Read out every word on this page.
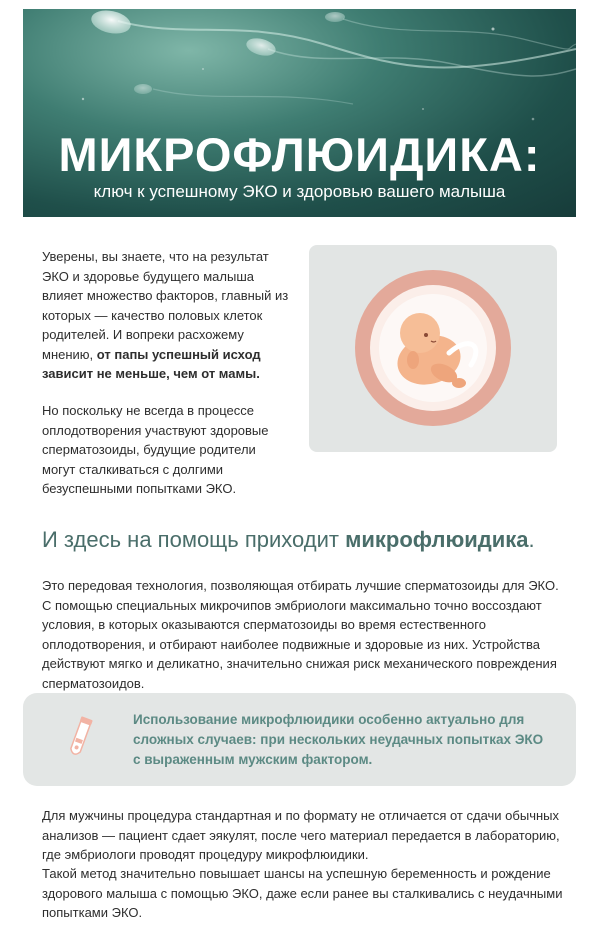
МИКРОФЛЮИДИКА:
ключ к успешному ЭКО и здоровью вашего малыша
Уверены, вы знаете, что на результат ЭКО и здоровье будущего малыша влияет множество факторов, главный из которых — качество половых клеток родителей. И вопреки расхожему мнению, от папы успешный исход зависит не меньше, чем от мамы.
Но поскольку не всегда в процессе оплодотворения участвуют здоровые сперматозоиды, будущие родители могут сталкиваться с долгими безуспешными попытками ЭКО.
И здесь на помощь приходит микрофлюидика.
Это передовая технология, позволяющая отбирать лучшие сперматозоиды для ЭКО. С помощью специальных микрочипов эмбриологи максимально точно воссоздают условия, в которых оказываются сперматозоиды во время естественного оплодотворения, и отбирают наиболее подвижные и здоровые из них. Устройства действуют мягко и деликатно, значительно снижая риск механического повреждения сперматозоидов.
Использование микрофлюидики особенно актуально для сложных случаев: при нескольких неудачных попытках ЭКО с выраженным мужским фактором.
Для мужчины процедура стандартная и по формату не отличается от сдачи обычных анализов — пациент сдает эякулят, после чего материал передается в лабораторию, где эмбриологи проводят процедуру микрофлюидики.
Такой метод значительно повышает шансы на успешную беременность и рождение здорового малыша с помощью ЭКО, даже если ранее вы сталкивались с неудачными попытками ЭКО.
